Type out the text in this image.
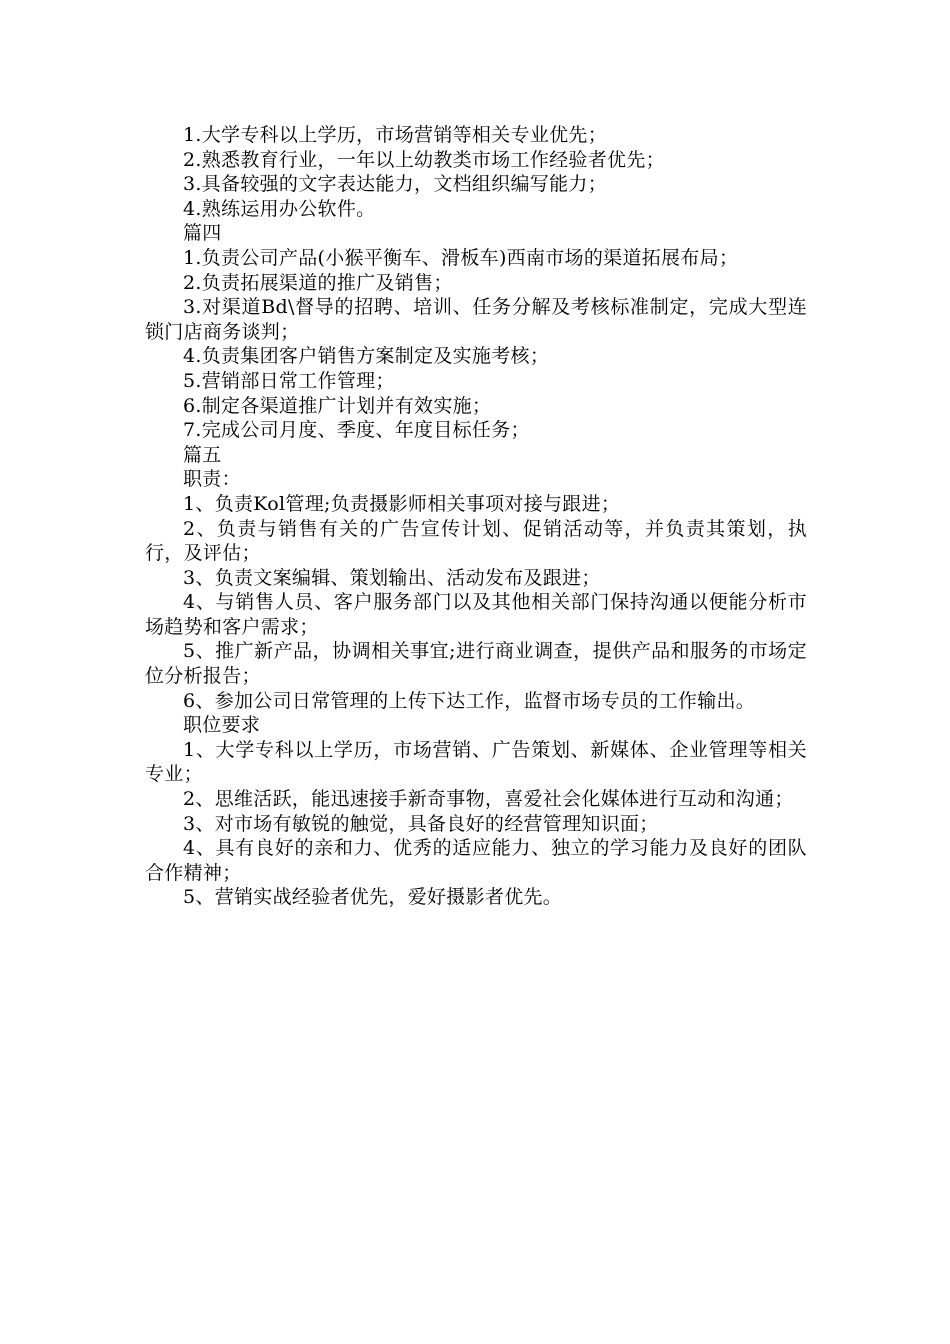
1.大学专科以上学历，市场营销等相关专业优先；

2.熟悉教育行业，一年以上幼教类市场工作经验者优先；

3.具备较强的文字表达能力，文档组织编写能力；

4.熟练运用办公软件。

篇四

1.负责公司产品(小猴平衡车、滑板车)西南市场的渠道拓展布局；

2.负责拓展渠道的推广及销售；

3.对渠道Bd\督导的招聘、培训、任务分解及考核标准制定，完成大型连锁门店商务谈判；

4.负责集团客户销售方案制定及实施考核；

5.营销部日常工作管理；

6.制定各渠道推广计划并有效实施；

7.完成公司月度、季度、年度目标任务；

篇五

职责：

1、负责Kol管理;负责摄影师相关事项对接与跟进；

2、负责与销售有关的广告宣传计划、促销活动等，并负责其策划，执行，及评估；

3、负责文案编辑、策划输出、活动发布及跟进；

4、与销售人员、客户服务部门以及其他相关部门保持沟通以便能分析市场趋势和客户需求；

5、推广新产品，协调相关事宜;进行商业调查，提供产品和服务的市场定位分析报告；

6、参加公司日常管理的上传下达工作，监督市场专员的工作输出。

职位要求

1、大学专科以上学历，市场营销、广告策划、新媒体、企业管理等相关专业；

2、思维活跃，能迅速接手新奇事物，喜爱社会化媒体进行互动和沟通；

3、对市场有敏锐的触觉，具备良好的经营管理知识面；

4、具有良好的亲和力、优秀的适应能力、独立的学习能力及良好的团队合作精神；

5、营销实战经验者优先，爱好摄影者优先。
